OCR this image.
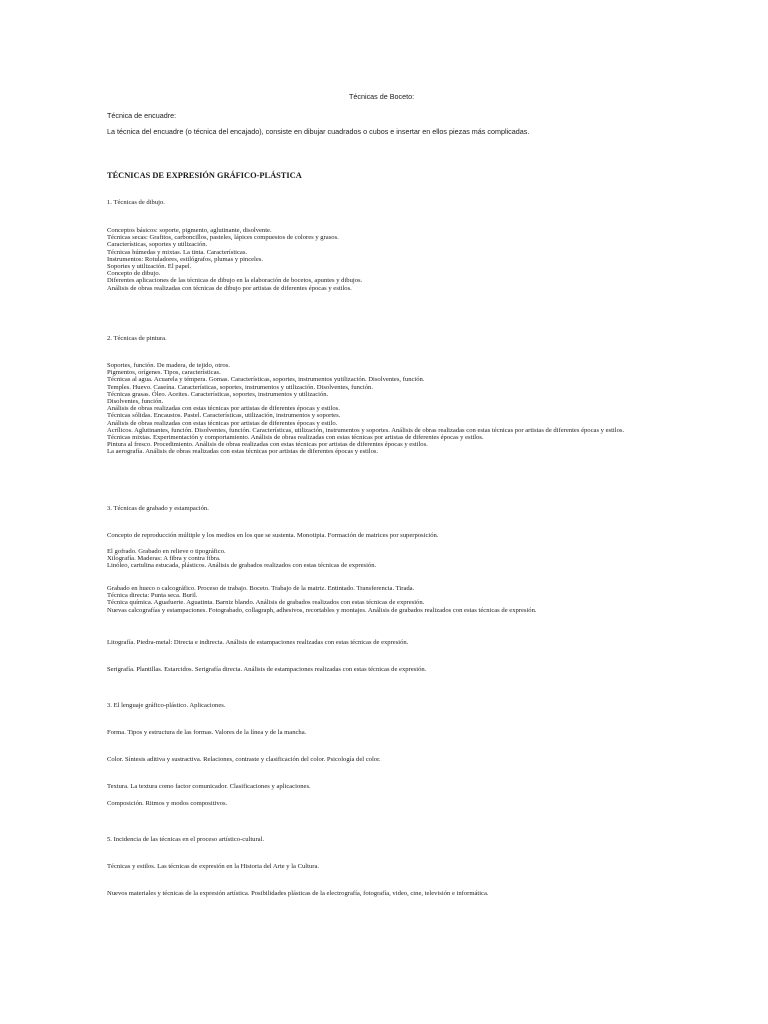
Técnicas de Boceto:
Técnica de encuadre:
La técnica del encuadre (o técnica del encajado), consiste en dibujar cuadrados o cubos e insertar en ellos piezas más complicadas.
TÉCNICAS DE EXPRESIÓN GRÁFICO-PLÁSTICA
1. Técnicas de dibujo.
Conceptos básicos: soporte, pigmento, aglutinante, disolvente.
Técnicas secas: Grafitos, carboncillos, pasteles, lápices compuestos de colores y grasos.
Características, soportes y utilización.
Técnicas húmedas y mixtas. La tinta. Características.
Instrumentos: Rotuladores, estilógrafos, plumas y pinceles.
Soportes y utilización. El papel.
Concepto de dibujo.
Diferentes aplicaciones de las técnicas de dibujo en la elaboración de bocetos, apuntes y dibujos.
Análisis de obras realizadas con técnicas de dibujo por artistas de diferentes épocas y estilos.
2. Técnicas de pintura.
Soportes, función. De madera, de tejido, otros.
Pigmentos, orígenes. Tipos, características.
Técnicas al agua. Acuarela y témpera. Gomas. Características, soportes, instrumentos yutilización. Disolventes, función.
Temples. Huevo. Caseína. Características, soportes, instrumentos y utilización. Disolventes, función.
Técnicas grasas. Óleo. Aceites. Características, soportes, instrumentos y utilización.
Disolventes, función.
Análisis de obras realizadas con estas técnicas por artistas de diferentes épocas y estilos.
Técnicas sólidas. Encaustos. Pastel. Características, utilización, instrumentos y soportes.
Análisis de obras realizadas con estas técnicas por artistas de diferentes épocas y estilo.
Acrílicos. Aglutinantes, función. Disolventes, función. Características, utilización, instrumentos y soportes. Análisis de obras realizadas con estas técnicas por artistas de diferentes épocas y estilos.
Técnicas mixtas. Experimentación y comportamiento. Análisis de obras realizadas con estas técnicas por artistas de diferentes épocas y estilos.
Pintura al fresco. Procedimiento. Análisis de obras realizadas con estas técnicas por artistas de diferentes épocas y estilos.
La aerografía. Análisis de obras realizadas con estas técnicas por artistas de diferentes épocas y estilos.
3. Técnicas de grabado y estampación.
Concepto de reproducción múltiple y los medios en los que se sustenta. Monotipia. Formación de matrices por superposición.
El gofrado. Grabado en relieve o tipográfico.
Xilografía. Maderas: A fibra y contra fibra.
Linóleo, cartulina estucada, plásticos. Análisis de grabados realizados con estas técnicas de expresión.
Grabado en hueco o calcográfico. Proceso de trabajo. Boceto. Trabajo de la matriz. Entintado. Transferencia. Tirada.
Técnica directa: Punta seca. Buril.
Técnica química. Aguafuerte. Aguatinta. Barniz blando. Análisis de grabados realizados con estas técnicas de expresión.
Nuevas calcografías y estampaciones. Fotograbado, collagraph, adhesivos, recortables y montajes. Análisis de grabados realizados con estas técnicas de expresión.
Litografía. Piedra-metal: Directa e indirecta. Análisis de estampaciones realizadas con estas técnicas de expresión.
Serigrafía. Plantillas. Estarcidos. Serigrafía directa. Análisis de estampaciones realizadas con estas técnicas de expresión.
3. El lenguaje gráfico-plástico. Aplicaciones.
Forma. Tipos y estructura de las formas. Valores de la línea y de la mancha.
Color. Síntesis aditiva y sustractiva. Relaciones, contraste y clasificación del color. Psicología del color.
Textura. La textura como factor comunicador. Clasificaciones y aplicaciones.
Composición. Ritmos y modos compositivos.
5. Incidencia de las técnicas en el proceso artístico-cultural.
Técnicas y estilos. Las técnicas de expresión en la Historia del Arte y la Cultura.
Nuevos materiales y técnicas de la expresión artística. Posibilidades plásticas de la electrografía, fotografía, video, cine, televisión e informática.
